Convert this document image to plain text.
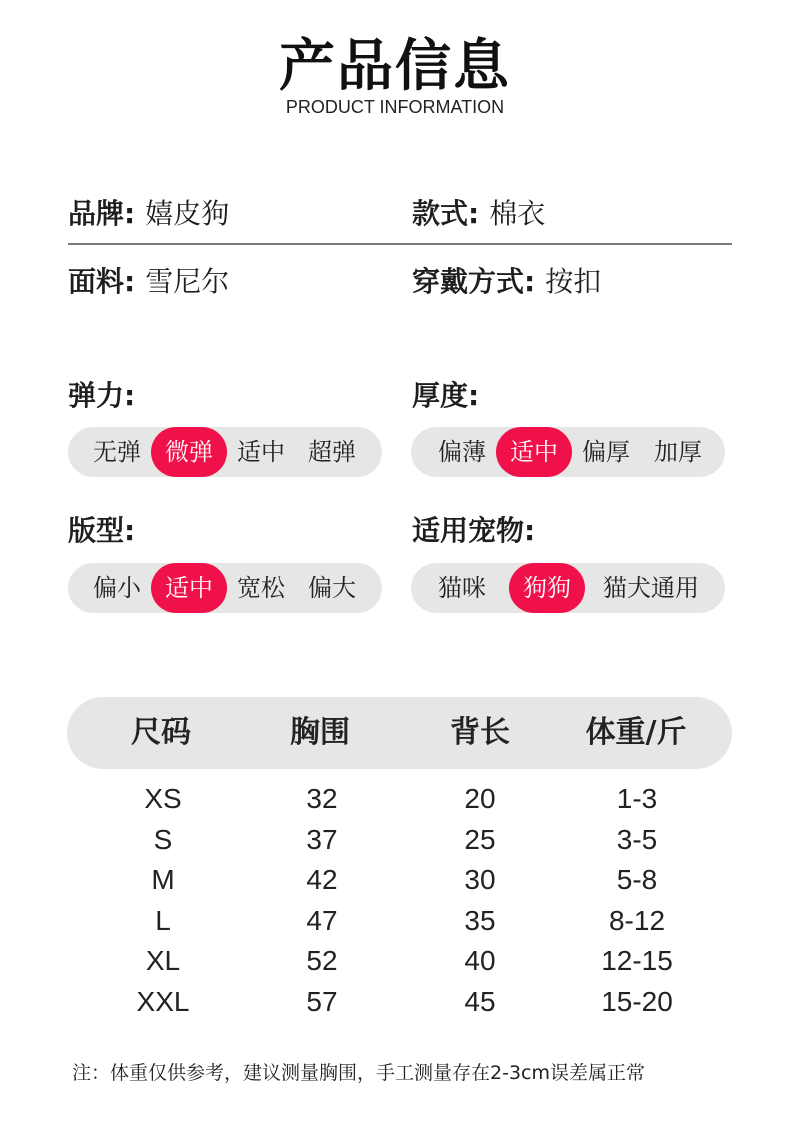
产品信息
PRODUCT INFORMATION
品牌: 嬉皮狗	款式: 棉衣
面料: 雪尼尔	穿戴方式: 按扣
弹力:
无弹	微弹	适中 超弹
厚度:
偏薄	适中	偏厚 加厚
版型:
偏小	适中	宽松 偏大
适用宠物:
猫咪	狗狗	猫犬通用
尺码	胸围	背长	体重/斤
XS	32	20	1-3
S	37	25	3-5
M	42	30	5-8
L	47	35	8-12
XL	52	40	12-15
XXL	57	45	15-20
注：体重仅供参考，建议测量胸围，手工测量存在2-3cm误差属正常
